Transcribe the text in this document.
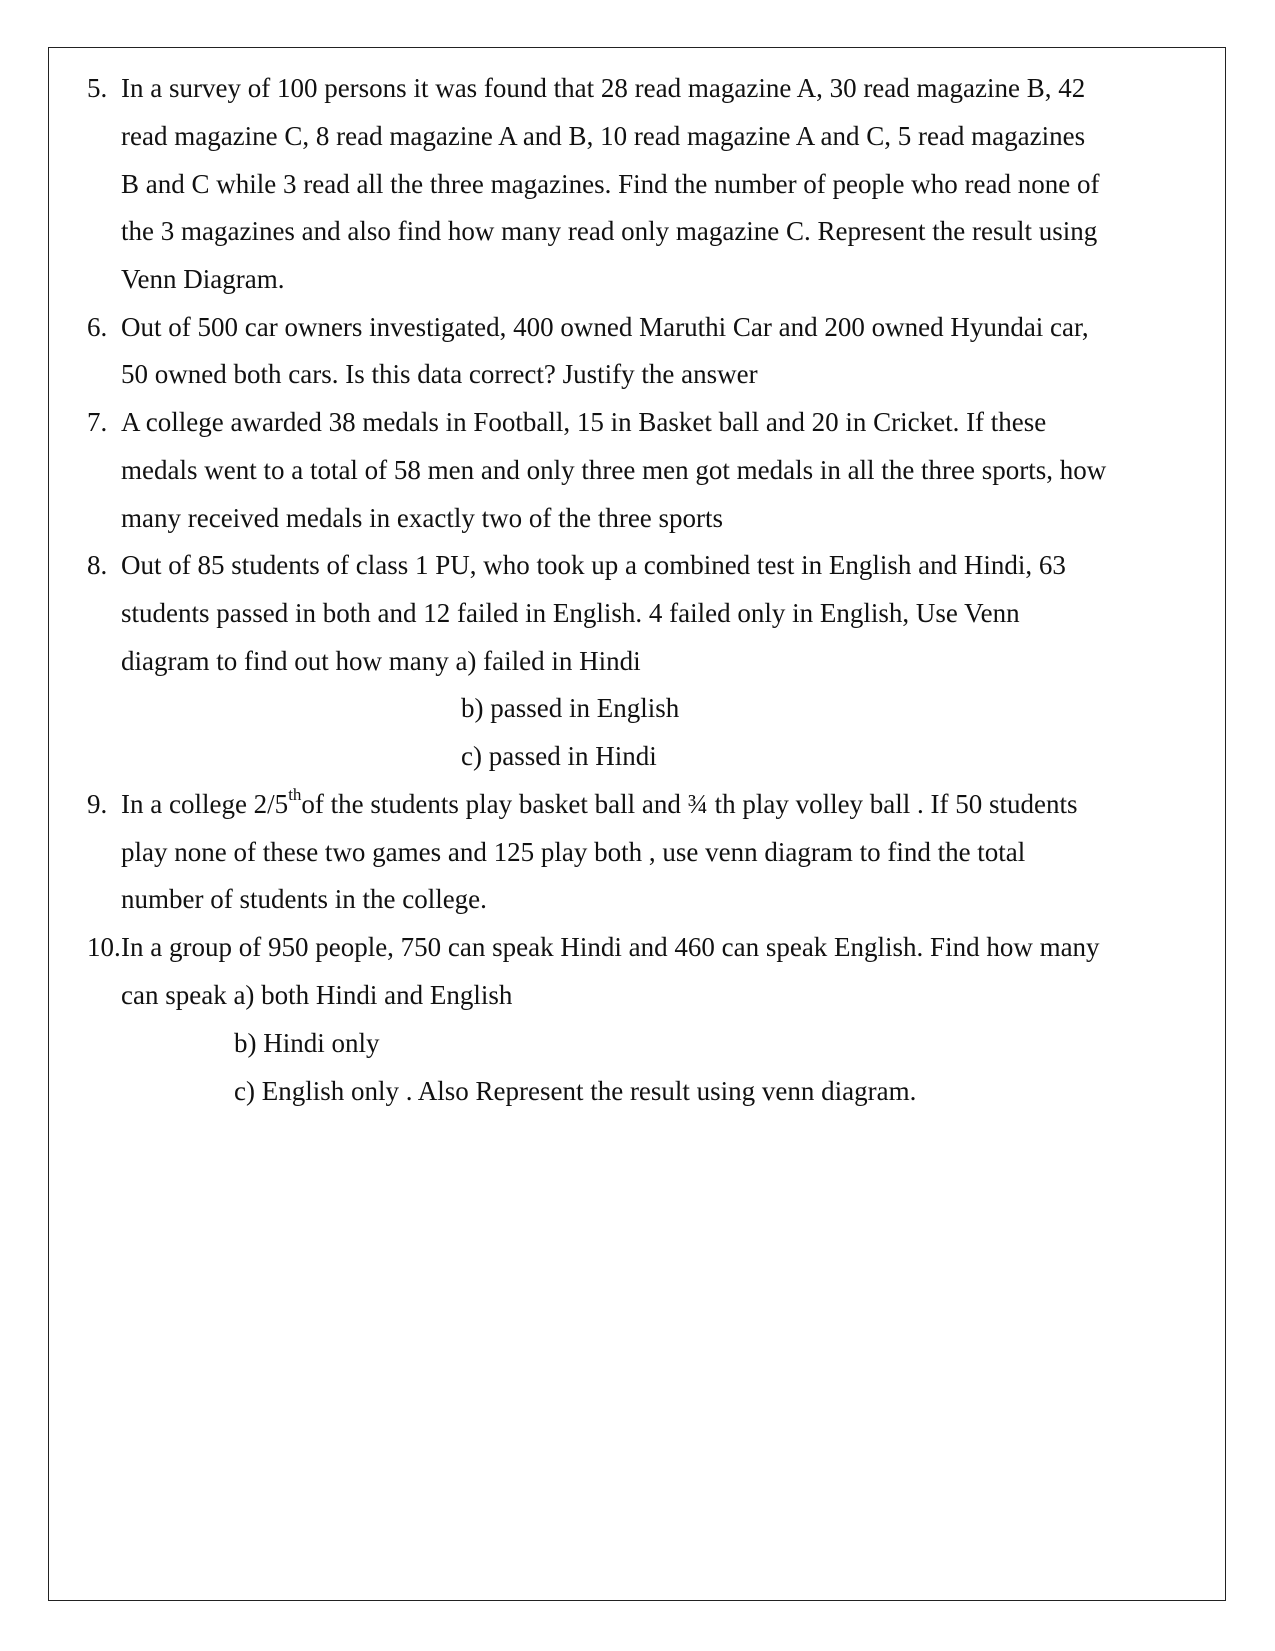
5. In a survey of 100 persons it was found that 28 read magazine A, 30 read magazine B, 42
read magazine C, 8 read magazine A and B, 10 read magazine A and C, 5 read magazines
B and C while 3 read all the three magazines. Find the number of people who read none of
the 3 magazines and also find how many read only magazine C. Represent the result using
Venn Diagram.
6. Out of 500 car owners investigated, 400 owned Maruthi Car and 200 owned Hyundai car,
50 owned both cars. Is this data correct? Justify the answer
7. A college awarded 38 medals in Football, 15 in Basket ball and 20 in Cricket. If these
medals went to a total of 58 men and only three men got medals in all the three sports, how
many received medals in exactly two of the three sports
8. Out of 85 students of class 1 PU, who took up a combined test in English and Hindi, 63
students passed in both and 12 failed in English. 4 failed only in English, Use Venn
diagram to find out how many a) failed in Hindi
b) passed in English
c) passed in Hindi
9. In a college 2/5thof the students play basket ball and ¾ th play volley ball . If 50 students
play none of these two games and 125 play both , use venn diagram to find the total
number of students in the college.
10. In a group of 950 people, 750 can speak Hindi and 460 can speak English. Find how many
can speak a) both Hindi and English
b) Hindi only
c) English only . Also Represent the result using venn diagram.
